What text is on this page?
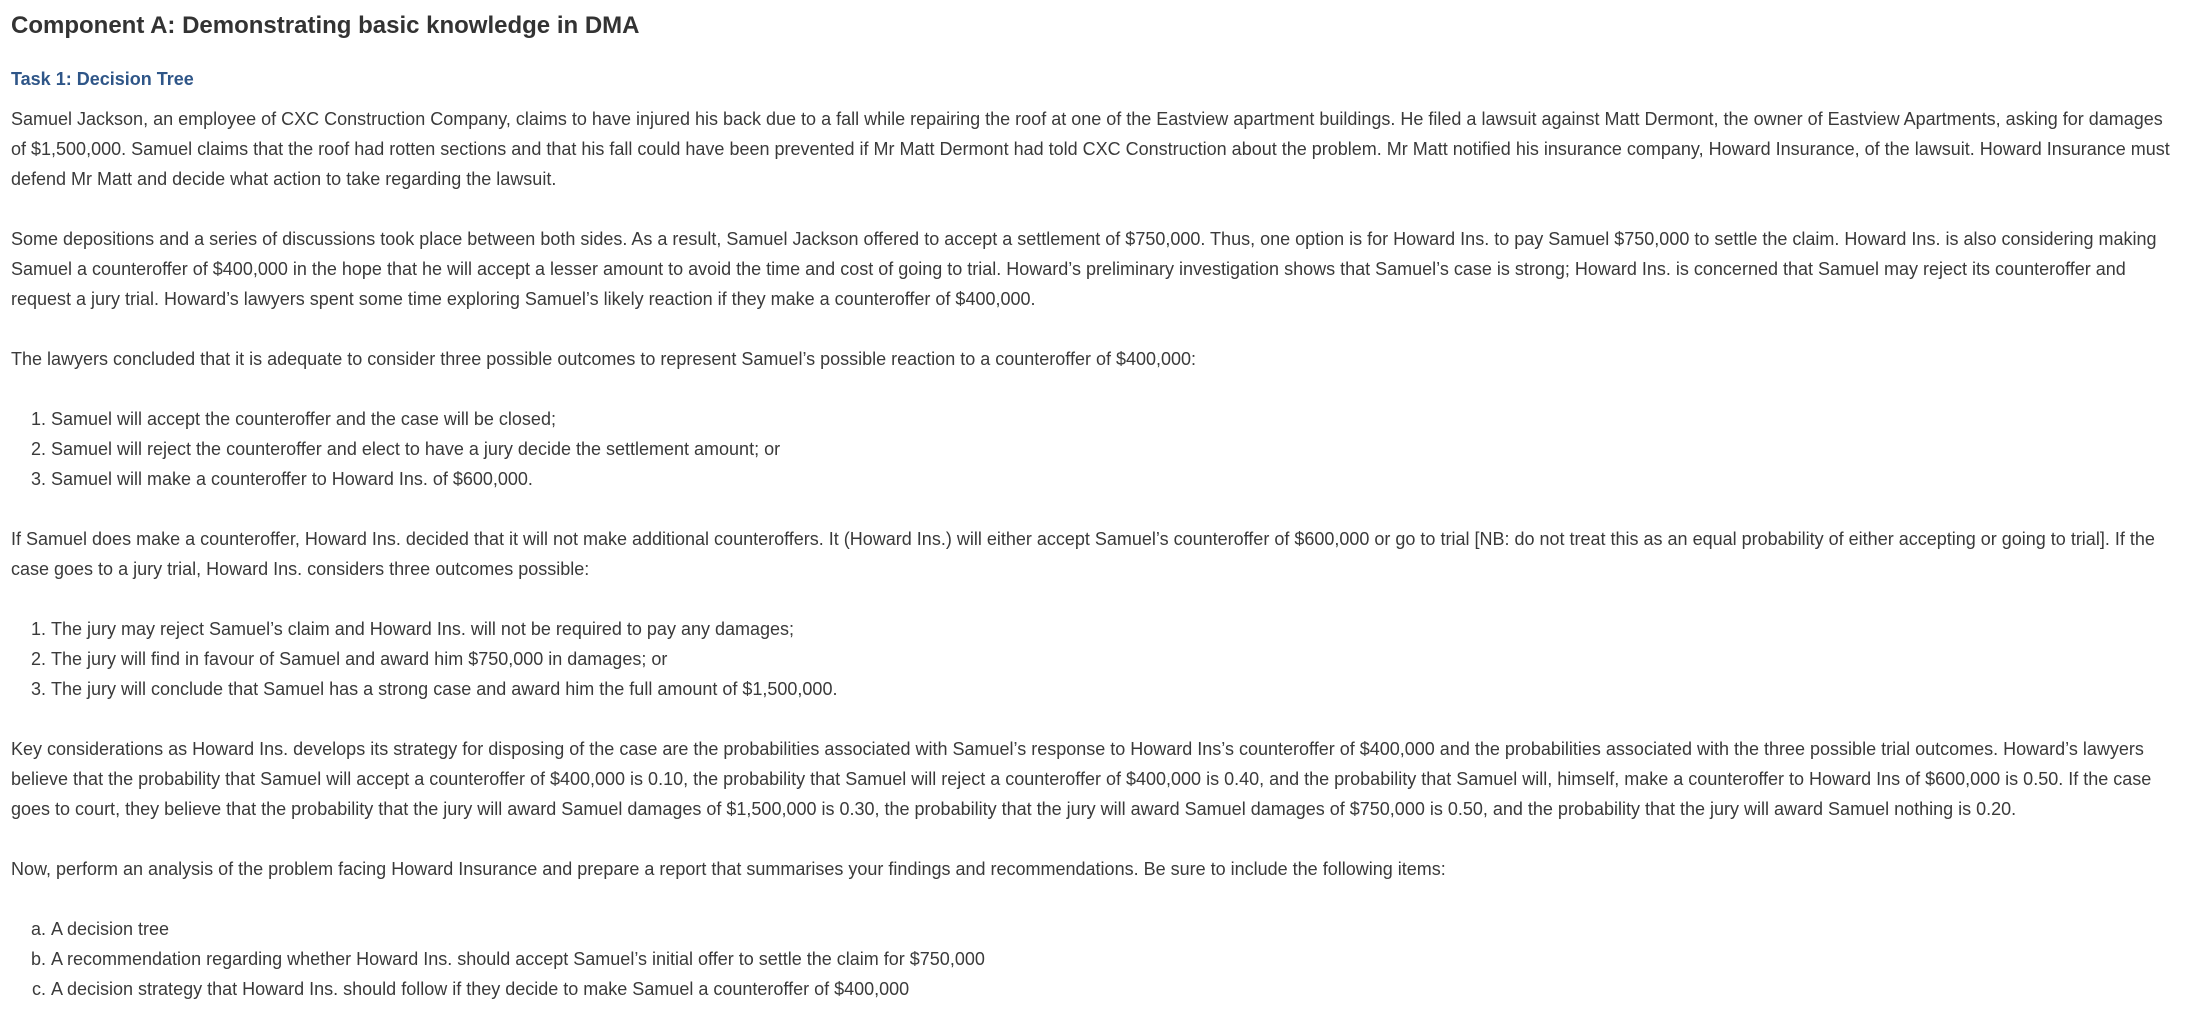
Component A: Demonstrating basic knowledge in DMA
Task 1: Decision Tree

Samuel Jackson, an employee of CXC Construction Company, claims to have injured his back due to a fall while repairing the roof at one of the Eastview apartment buildings. He filed a lawsuit against Matt Dermont, the owner of Eastview Apartments, asking for damages of $1,500,000. Samuel claims that the roof had rotten sections and that his fall could have been prevented if Mr Matt Dermont had told CXC Construction about the problem. Mr Matt notified his insurance company, Howard Insurance, of the lawsuit. Howard Insurance must defend Mr Matt and decide what action to take regarding the lawsuit.

Some depositions and a series of discussions took place between both sides. As a result, Samuel Jackson offered to accept a settlement of $750,000. Thus, one option is for Howard Ins. to pay Samuel $750,000 to settle the claim. Howard Ins. is also considering making Samuel a counteroffer of $400,000 in the hope that he will accept a lesser amount to avoid the time and cost of going to trial. Howard’s preliminary investigation shows that Samuel’s case is strong; Howard Ins. is concerned that Samuel may reject its counteroffer and request a jury trial. Howard’s lawyers spent some time exploring Samuel’s likely reaction if they make a counteroffer of $400,000.

The lawyers concluded that it is adequate to consider three possible outcomes to represent Samuel’s possible reaction to a counteroffer of $400,000:

1. Samuel will accept the counteroffer and the case will be closed;
2. Samuel will reject the counteroffer and elect to have a jury decide the settlement amount; or
3. Samuel will make a counteroffer to Howard Ins. of $600,000.

If Samuel does make a counteroffer, Howard Ins. decided that it will not make additional counteroffers. It (Howard Ins.) will either accept Samuel’s counteroffer of $600,000 or go to trial [NB: do not treat this as an equal probability of either accepting or going to trial]. If the case goes to a jury trial, Howard Ins. considers three outcomes possible:

1. The jury may reject Samuel’s claim and Howard Ins. will not be required to pay any damages;
2. The jury will find in favour of Samuel and award him $750,000 in damages; or
3. The jury will conclude that Samuel has a strong case and award him the full amount of $1,500,000.

Key considerations as Howard Ins. develops its strategy for disposing of the case are the probabilities associated with Samuel’s response to Howard Ins’s counteroffer of $400,000 and the probabilities associated with the three possible trial outcomes. Howard’s lawyers believe that the probability that Samuel will accept a counteroffer of $400,000 is 0.10, the probability that Samuel will reject a counteroffer of $400,000 is 0.40, and the probability that Samuel will, himself, make a counteroffer to Howard Ins of $600,000 is 0.50. If the case goes to court, they believe that the probability that the jury will award Samuel damages of $1,500,000 is 0.30, the probability that the jury will award Samuel damages of $750,000 is 0.50, and the probability that the jury will award Samuel nothing is 0.20.

Now, perform an analysis of the problem facing Howard Insurance and prepare a report that summarises your findings and recommendations. Be sure to include the following items:

a. A decision tree
b. A recommendation regarding whether Howard Ins. should accept Samuel’s initial offer to settle the claim for $750,000
c. A decision strategy that Howard Ins. should follow if they decide to make Samuel a counteroffer of $400,000
